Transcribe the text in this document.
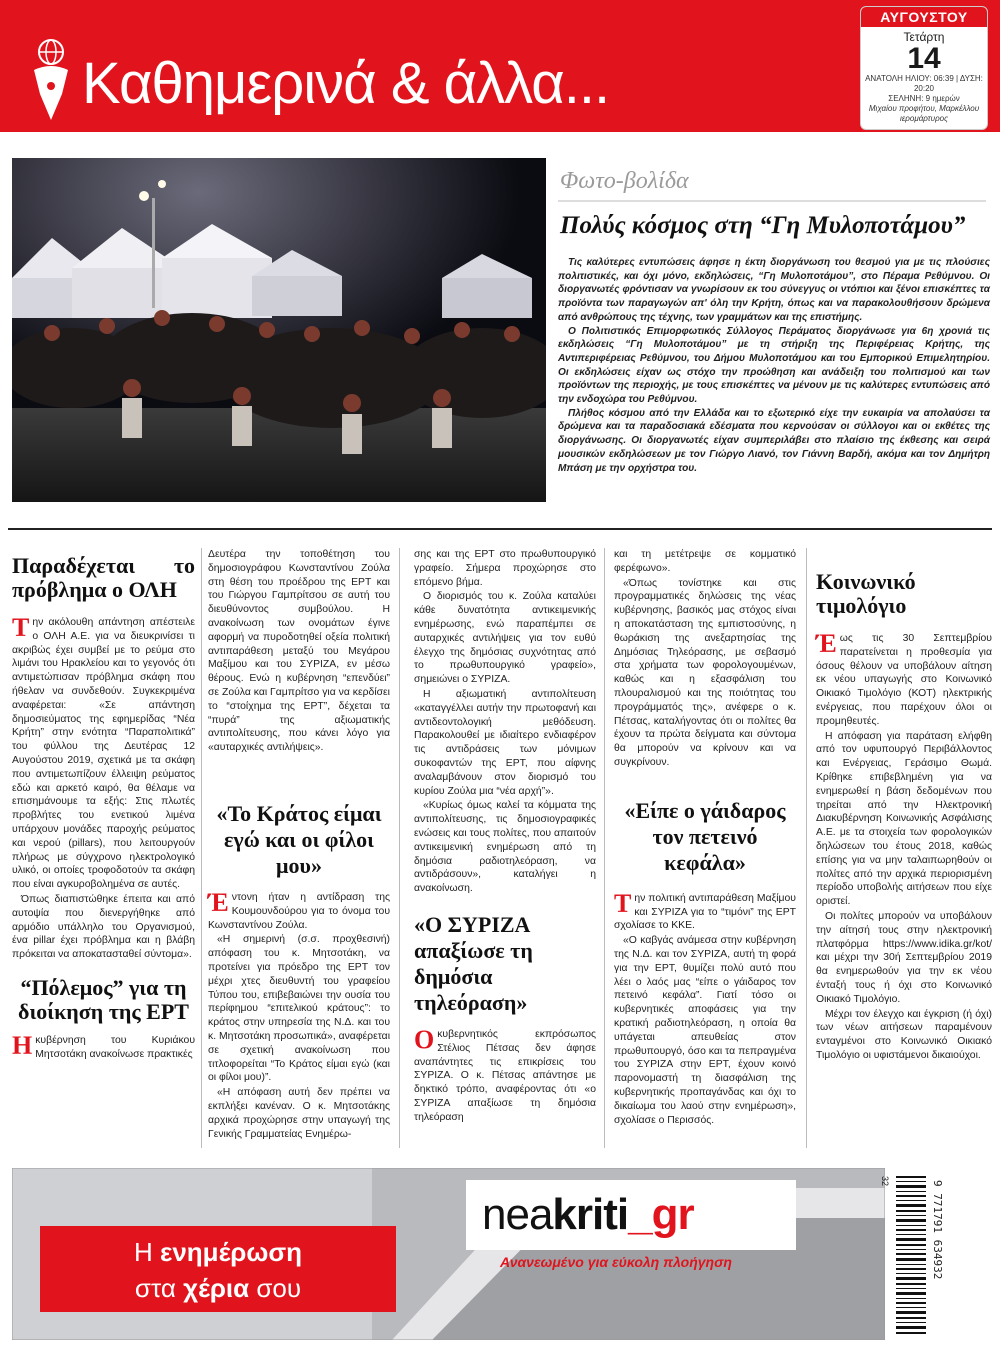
Καθημερινά & άλλα...
ΑΥΓΟΥΣΤΟΥ
Τετάρτη
14
ΑΝΑΤΟΛΗ ΗΛΙΟΥ: 06:39 | ΔΥΣΗ: 20:20
ΣΕΛΗΝΗ: 9 ημερών
Μιχαίου προφήτου, Μαρκέλλου ιερομάρτυρος
Φωτο-βολίδα
Πολύς κόσμος στη “Γη Μυλοποτάμου”

Τις καλύτερες εντυπώσεις άφησε η έκτη διοργάνωση του θεσμού για με τις πλούσιες πολιτιστικές, και όχι μόνο, εκδηλώσεις, “Γη Μυλοποτάμου”, στο Πέραμα Ρεθύμνου. Οι διοργανωτές φρόντισαν να γνωρίσουν εκ του σύνεγγυς οι ντόπιοι και ξένοι επισκέπτες τα προϊόντα των παραγωγών απ' όλη την Κρήτη, όπως και να παρακολουθήσουν δρώμενα από ανθρώπους της τέχνης, των γραμμάτων και της επιστήμης.

Ο Πολιτιστικός Επιμορφωτικός Σύλλογος Περάματος διοργάνωσε για 6η χρονιά τις εκδηλώσεις “Γη Μυλοποτάμου” με τη στήριξη της Περιφέρειας Κρήτης, της Αντιπεριφέρειας Ρεθύμνου, του Δήμου Μυλοποτάμου και του Εμπορικού Επιμελητηρίου. Οι εκδηλώσεις είχαν ως στόχο την προώθηση και ανάδειξη του πολιτισμού και των προϊόντων της περιοχής, με τους επισκέπτες να μένουν με τις καλύτερες εντυπώσεις από την ενδοχώρα του Ρεθύμνου.

Πλήθος κόσμου από την Ελλάδα και το εξωτερικό είχε την ευκαιρία να απολαύσει τα δρώμενα και τα παραδοσιακά εδέσματα που κερνούσαν οι σύλλογοι και οι εκθέτες της διοργάνωσης. Οι διοργανωτές είχαν συμπεριλάβει στο πλαίσιο της έκθεσης και σειρά μουσικών εκδηλώσεων με τον Γιώργο Λιανό, τον Γιάννη Βαρδή, ακόμα και τον Δημήτρη Μπάση με την ορχήστρα του.

Παραδέχεται το πρόβλημα ο ΟΛΗ

Την ακόλουθη απάντηση απέστειλε ο ΟΛΗ Α.Ε. για να διευκρινίσει τι ακριβώς έχει συμβεί με το ρεύμα στο λιμάνι του Ηρακλείου και το γεγονός ότι αντιμετώπισαν πρόβλημα σκάφη που ήθελαν να συνδεθούν. Συγκεκριμένα αναφέρεται: «Σε απάντηση δημοσιεύματος της εφημερίδας “Νέα Κρήτη” στην ενότητα “Παραπολιτικά” του φύλλου της Δευτέρας 12 Αυγούστου 2019, σχετικά με τα σκάφη που αντιμετωπίζουν έλλειψη ρεύματος εδώ και αρκετό καιρό, θα θέλαμε να επισημάνουμε τα εξής: Στις πλωτές προβλήτες του ενετικού λιμένα υπάρχουν μονάδες παροχής ρεύματος και νερού (pillars), που λειτουργούν πλήρως με σύγχρονο ηλεκτρολογικό υλικό, οι οποίες τροφοδοτούν τα σκάφη που είναι αγκυροβολημένα σε αυτές.

Όπως διαπιστώθηκε έπειτα και από αυτοψία που διενεργήθηκε από αρμόδιο υπάλληλο του Οργανισμού, ένα pillar έχει πρόβλημα και η βλάβη πρόκειται να αποκατασταθεί σύντομα».

“Πόλεμος” για τη διοίκηση της ΕΡΤ

Η κυβέρνηση του Κυριάκου Μητσοτάκη ανακοίνωσε πρακτικές

Δευτέρα την τοποθέτηση του δημοσιογράφου Κωνσταντίνου Ζούλα στη θέση του προέδρου της ΕΡΤ και του Γιώργου Γαμπρίτσου σε αυτή του διευθύνοντος συμβούλου. Η ανακοίνωση των ονομάτων έγινε αφορμή να πυροδοτηθεί οξεία πολιτική αντιπαράθεση μεταξύ του Μεγάρου Μαξίμου και του ΣΥΡΙΖΑ, εν μέσω θέρους. Ενώ η κυβέρνηση “επενδύει” σε Ζούλα και Γαμπρίτσο για να κερδίσει το “στοίχημα της ΕΡΤ”, δέχεται τα “πυρά” της αξιωματικής αντιπολίτευσης, που κάνει λόγο για «αυταρχικές αντιλήψεις».

«Το Κράτος είμαι εγώ και οι φίλοι μου»

Έντονη ήταν η αντίδραση της Κουμουνδούρου για το όνομα του Κωνσταντίνου Ζούλα.

«Η σημερινή (σ.σ. προχθεσινή) απόφαση του κ. Μητσοτάκη, να προτείνει για πρόεδρο της ΕΡΤ τον μέχρι χτες διευθυντή του γραφείου Τύπου του, επιβεβαιώνει την ουσία του περίφημου “επιτελικού κράτους”: το κράτος στην υπηρεσία της Ν.Δ. και του κ. Μητσοτάκη προσωπικά», αναφέρεται σε σχετική ανακοίνωση που τιτλοφορείται “Το Κράτος είμαι εγώ (και οι φίλοι μου)”.

«Η απόφαση αυτή δεν πρέπει να εκπλήξει κανέναν. Ο κ. Μητσοτάκης αρχικά προχώρησε στην υπαγωγή της Γενικής Γραμματείας Ενημέρω-

σης και της ΕΡΤ στο πρωθυπουργικό γραφείο. Σήμερα προχώρησε στο επόμενο βήμα.

Ο διορισμός του κ. Ζούλα καταλύει κάθε δυνατότητα αντικειμενικής ενημέρωσης, ενώ παραπέμπει σε αυταρχικές αντιλήψεις για τον ευθύ έλεγχο της δημόσιας συχνότητας από το πρωθυπουργικό γραφείο», σημειώνει ο ΣΥΡΙΖΑ.

Η αξιωματική αντιπολίτευση «καταγγέλλει αυτήν την πρωτοφανή και αντιδεοντολογική μεθόδευση. Παρακολουθεί με ιδιαίτερο ενδιαφέρον τις αντιδράσεις των μόνιμων συκοφαντών της ΕΡΤ, που αίφνης αναλαμβάνουν στον διορισμό του κυρίου Ζούλα μια “νέα αρχή”».

«Κυρίως όμως καλεί τα κόμματα της αντιπολίτευσης, τις δημοσιογραφικές ενώσεις και τους πολίτες, που απαιτούν αντικειμενική ενημέρωση από τη δημόσια ραδιοτηλεόραση, να αντιδράσουν», καταλήγει η ανακοίνωση.

«Ο ΣΥΡΙΖΑ απαξίωσε τη δημόσια τηλεόραση»

Ο κυβερνητικός εκπρόσωπος Στέλιος Πέτσας δεν άφησε αναπάντητες τις επικρίσεις του ΣΥΡΙΖΑ. Ο κ. Πέτσας απάντησε με δηκτικό τρόπο, αναφέροντας ότι «ο ΣΥΡΙΖΑ απαξίωσε τη δημόσια τηλεόραση

και τη μετέτρεψε σε κομματικό φερέφωνο».

«Όπως τονίστηκε και στις προγραμματικές δηλώσεις της νέας κυβέρνησης, βασικός μας στόχος είναι η αποκατάσταση της εμπιστοσύνης, η θωράκιση της ανεξαρτησίας της Δημόσιας Τηλεόρασης, με σεβασμό στα χρήματα των φορολογουμένων, καθώς και η εξασφάλιση του πλουραλισμού και της ποιότητας του προγράμματός της», ανέφερε ο κ. Πέτσας, καταλήγοντας ότι οι πολίτες θα έχουν τα πρώτα δείγματα και σύντομα θα μπορούν να κρίνουν και να συγκρίνουν.

«Είπε ο γάιδαρος τον πετεινό κεφάλα»

Την πολιτική αντιπαράθεση Μαξίμου και ΣΥΡΙΖΑ για το “τιμόνι” της ΕΡΤ σχολίασε το ΚΚΕ.

«Ο καβγάς ανάμεσα στην κυβέρνηση της Ν.Δ. και τον ΣΥΡΙΖΑ, αυτή τη φορά για την ΕΡΤ, θυμίζει πολύ αυτό που λέει ο λαός μας “είπε ο γάιδαρος τον πετεινό κεφάλα”. Γιατί τόσο οι κυβερνητικές αποφάσεις για την κρατική ραδιοτηλεόραση, η οποία θα υπάγεται απευθείας στον πρωθυπουργό, όσο και τα πεπραγμένα του ΣΥΡΙΖΑ στην ΕΡΤ, έχουν κοινό παρονομαστή τη διασφάλιση της κυβερνητικής προπαγάνδας και όχι το δικαίωμα του λαού στην ενημέρωση», σχολίασε ο Περισσός.

Κοινωνικό τιμολόγιο

Έως τις 30 Σεπτεμβρίου παρατείνεται η προθεσμία για όσους θέλουν να υποβάλουν αίτηση εκ νέου υπαγωγής στο Κοινωνικό Οικιακό Τιμολόγιο (ΚΟΤ) ηλεκτρικής ενέργειας, που παρέχουν όλοι οι προμηθευτές.

Η απόφαση για παράταση ελήφθη από τον υφυπουργό Περιβάλλοντος και Ενέργειας, Γεράσιμο Θωμά. Κρίθηκε επιβεβλημένη για να ενημερωθεί η βάση δεδομένων που τηρείται από την Ηλεκτρονική Διακυβέρνηση Κοινωνικής Ασφάλισης Α.Ε. με τα στοιχεία των φορολογικών δηλώσεων του έτους 2018, καθώς επίσης για να μην ταλαιπωρηθούν οι πολίτες από την αρχικά περιορισμένη περίοδο υποβολής αιτήσεων που είχε οριστεί.

Οι πολίτες μπορούν να υποβάλουν την αίτησή τους στην ηλεκτρονική πλατφόρμα https://www.idika.gr/kot/ και μέχρι την 30ή Σεπτεμβρίου 2019 θα ενημερωθούν για την εκ νέου ένταξή τους ή όχι στο Κοινωνικό Οικιακό Τιμολόγιο.

Μέχρι τον έλεγχο και έγκριση (ή όχι) των νέων αιτήσεων παραμένουν ενταγμένοι στο Κοινωνικό Οικιακό Τιμολόγιο οι υφιστάμενοι δικαιούχοι.

Η ενημέρωση
στα χέρια σου
neakriti_gr
Ανανεωμένο για εύκολη πλοήγηση	9 771791 634932
32
